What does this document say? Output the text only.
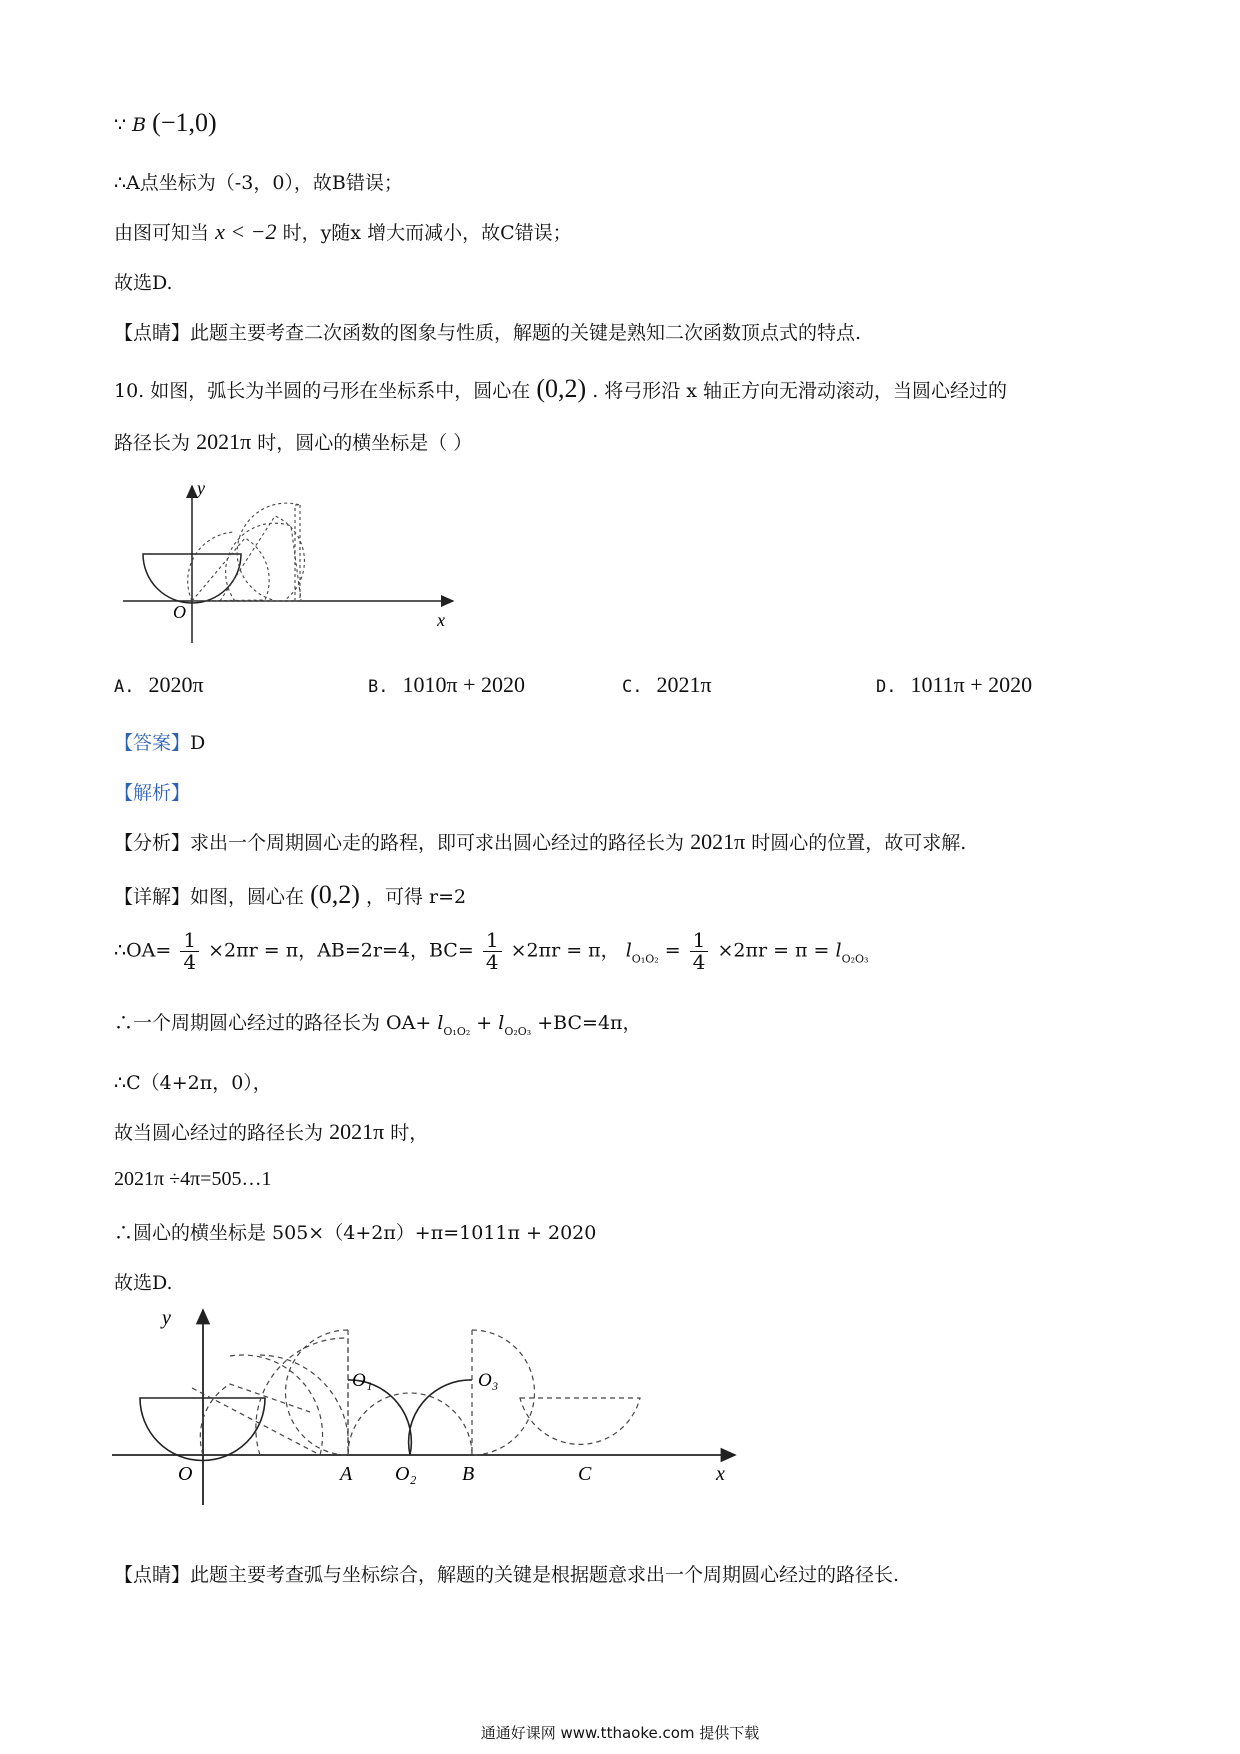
∵ B (−1,0)
∴A点坐标为（-3，0），故B错误；
由图可知当 x < −2 时，y随x 增大而减小，故C错误；
故选D.
【点睛】此题主要考查二次函数的图象与性质，解题的关键是熟知二次函数顶点式的特点.
10. 如图，弧长为半圆的弓形在坐标系中，圆心在 (0,2) . 将弓形沿 x 轴正方向无滑动滚动，当圆心经过的
路径长为 2021π 时，圆心的横坐标是（ ）
y
x
O
A. 2020π	B. 1010π + 2020	C. 2021π	D. 1011π + 2020
【答案】D
【解析】
【分析】求出一个周期圆心走的路程，即可求出圆心经过的路径长为 2021π 时圆心的位置，故可求解.
【详解】如图，圆心在 (0,2) ，可得 r=2
∴OA= $\frac{1}{4} \times 2\pi r = \pi$，AB=2r=4，$BC= \frac{1}{4} \times 2\pi r = \pi$， $l_{O_1O_2} = \frac{1}{4} \times 2\pi r = \pi = l_{O_2O_3}$
∴一个周期圆心经过的路径长为 $OA+ l_{O_1O_2} + l_{O_2O_3} +BC=4\pi$，
∴C（4+2π，0），
故当圆心经过的路径长为 2021π 时，
2021π ÷4π=505…1
∴圆心的横坐标是 505×（4+2π）+π=1011π + 2020
故选D.
y
x
O	A O₂ B	C
O₁	O₃
【点睛】此题主要考查弧与坐标综合，解题的关键是根据题意求出一个周期圆心经过的路径长.
通通好课网 www.tthaoke.com 提供下载
